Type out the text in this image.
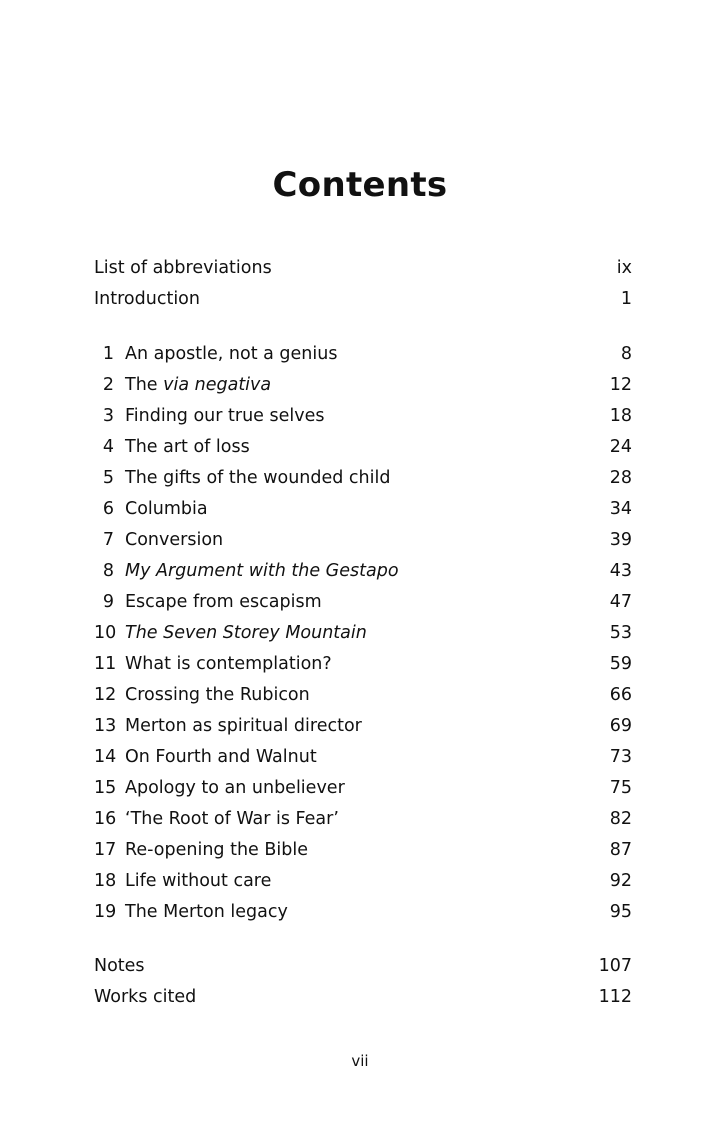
Contents
List of abbreviations	ix
Introduction	1
1 An apostle, not a genius	8
2 The via negativa	12
3 Finding our true selves	18
4 The art of loss	24
5 The gifts of the wounded child	28
6 Columbia	34
7 Conversion	39
8 My Argument with the Gestapo	43
9 Escape from escapism	47
10 The Seven Storey Mountain	53
11 What is contemplation?	59
12 Crossing the Rubicon	66
13 Merton as spiritual director	69
14 On Fourth and Walnut	73
15 Apology to an unbeliever	75
16 ‘The Root of War is Fear’	82
17 Re-opening the Bible	87
18 Life without care	92
19 The Merton legacy	95
Notes	107
Works cited	112
vii
